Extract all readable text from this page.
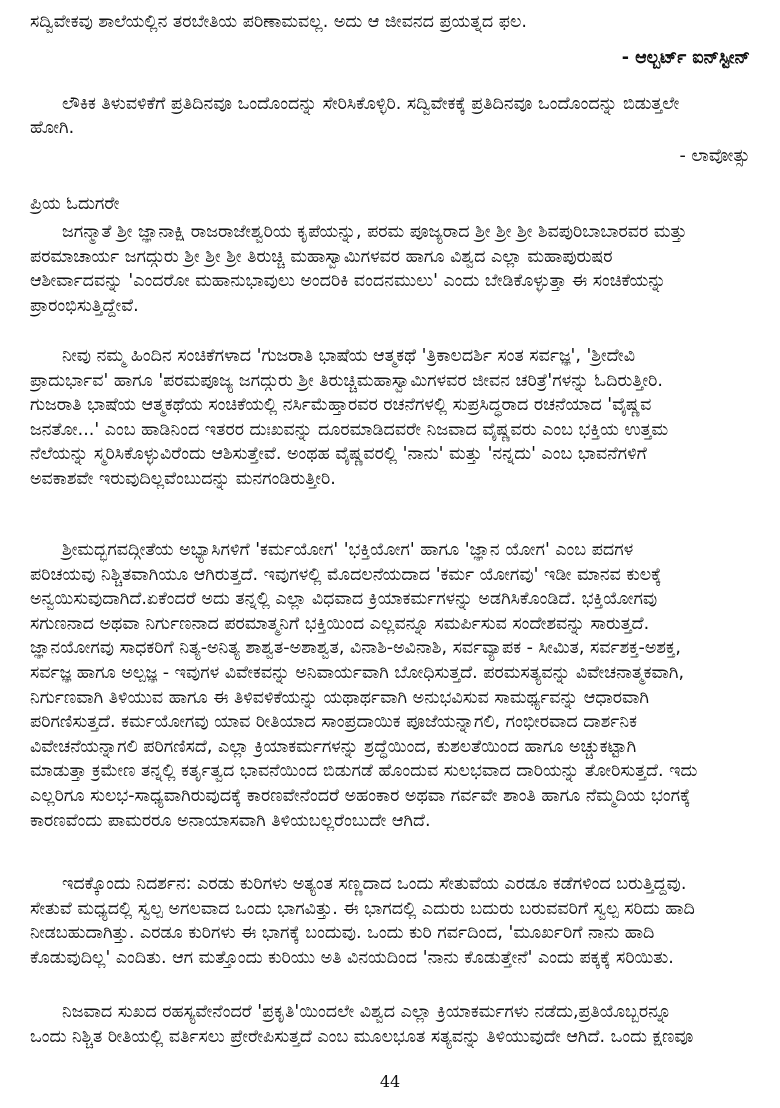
ಸದ್ವಿವೇಕವು ಶಾಲೆಯಲ್ಲಿನ ತರಬೇತಿಯ ಪರಿಣಾಮವಲ್ಲ. ಅದು ಆ ಜೀವನದ ಪ್ರಯತ್ನದ ಫಲ.
- ಆಲ್ಬರ್ಟ್ ಐನ್‌ಸ್ಟೀನ್
ಲೌಕಿಕ ತಿಳುವಳಿಕೆಗೆ ಪ್ರತಿದಿನವೂ ಒಂದೊಂದನ್ನು ಸೇರಿಸಿಕೊಳ್ಳಿರಿ. ಸದ್ವಿವೇಕಕ್ಕೆ ಪ್ರತಿದಿನವೂ ಒಂದೊಂದನ್ನು ಬಿಡುತ್ತಲೇ
ಹೋಗಿ.
- ಲಾವೋತ್ಸು
ಪ್ರಿಯ ಓದುಗರೇ
ಜಗನ್ಮಾತೆ ಶ್ರೀ ಜ್ಞಾನಾಕ್ಷಿ ರಾಜರಾಜೇಶ್ವರಿಯ ಕೃಪೆಯನ್ನು, ಪರಮ ಪೂಜ್ಯರಾದ ಶ್ರೀ ಶ್ರೀ ಶ್ರೀ ಶಿವಪುರಿಬಾಬಾರವರ ಮತ್ತು
ಪರಮಾಚಾರ್ಯ ಜಗದ್ಗುರು ಶ್ರೀ ಶ್ರೀ ಶ್ರೀ ತಿರುಚ್ಚಿ ಮಹಾಸ್ವಾಮಿಗಳವರ ಹಾಗೂ ವಿಶ್ವದ ಎಲ್ಲಾ ಮಹಾಪುರುಷರ
ಆಶೀರ್ವಾದವನ್ನು 'ಎಂದರೋ ಮಹಾನುಭಾವುಲು ಅಂದರಿಕಿ ವಂದನಮುಲು' ಎಂದು ಬೇಡಿಕೊಳ್ಳುತ್ತಾ ಈ ಸಂಚಿಕೆಯನ್ನು
ಪ್ರಾರಂಭಿಸುತ್ತಿದ್ದೇವೆ.
ನೀವು ನಮ್ಮ ಹಿಂದಿನ ಸಂಚಿಕೆಗಳಾದ 'ಗುಜರಾತಿ ಭಾಷೆಯ ಆತ್ಮಕಥೆ 'ತ್ರಿಕಾಲದರ್ಶಿ ಸಂತ ಸರ್ವಜ್ಞ', 'ಶ್ರೀದೇವಿ
ಪ್ರಾದುರ್ಭಾವ' ಹಾಗೂ 'ಪರಮಪೂಜ್ಯ ಜಗದ್ಗುರು ಶ್ರೀ ತಿರುಚ್ಚಿಮಹಾಸ್ವಾಮಿಗಳವರ ಜೀವನ ಚರಿತ್ರೆ'ಗಳನ್ನು ಓದಿರುತ್ತೀರಿ.
ಗುಜರಾತಿ ಭಾಷೆಯ ಆತ್ಮಕಥೆಯ ಸಂಚಿಕೆಯಲ್ಲಿ ನರ್ಸಿಮೆಹ್ತಾರವರ ರಚನೆಗಳಲ್ಲಿ ಸುಪ್ರಸಿದ್ಧರಾದ ರಚನೆಯಾದ 'ವೈಷ್ಣವ
ಜನತೋ...' ಎಂಬ ಹಾಡಿನಿಂದ ಇತರರ ದುಃಖವನ್ನು ದೂರಮಾಡಿದವರೇ ನಿಜವಾದ ವೈಷ್ಣವರು ಎಂಬ ಭಕ್ತಿಯ ಉತ್ತಮ
ನೆಲೆಯನ್ನು ಸ್ಮರಿಸಿಕೊಳ್ಳುವಿರೆಂದು ಆಶಿಸುತ್ತೇವೆ. ಅಂಥಹ ವೈಷ್ಣವರಲ್ಲಿ 'ನಾನು' ಮತ್ತು 'ನನ್ನದು' ಎಂಬ ಭಾವನೆಗಳಿಗೆ
ಅವಕಾಶವೇ ಇರುವುದಿಲ್ಲವೆಂಬುದನ್ನು ಮನಗಂಡಿರುತ್ತೀರಿ.
ಶ್ರೀಮದ್ಭಗವದ್ಗೀತೆಯ ಅಭ್ಯಾಸಿಗಳಿಗೆ 'ಕರ್ಮಯೋಗ' 'ಭಕ್ತಿಯೋಗ' ಹಾಗೂ 'ಜ್ಞಾನ ಯೋಗ' ಎಂಬ ಪದಗಳ
ಪರಿಚಯವು ನಿಶ್ಚಿತವಾಗಿಯೂ ಆಗಿರುತ್ತದೆ. ಇವುಗಳಲ್ಲಿ ಮೊದಲನೆಯದಾದ 'ಕರ್ಮ ಯೋಗವು' ಇಡೀ ಮಾನವ ಕುಲಕ್ಕೆ
ಅನ್ವಯಿಸುವುದಾಗಿದೆ.ಏಕೆಂದರೆ ಅದು ತನ್ನಲ್ಲಿ ಎಲ್ಲಾ ವಿಧವಾದ ಕ್ರಿಯಾಕರ್ಮಗಳನ್ನು ಅಡಗಿಸಿಕೊಂಡಿದೆ. ಭಕ್ತಿಯೋಗವು
ಸಗುಣನಾದ ಅಥವಾ ನಿರ್ಗುಣನಾದ ಪರಮಾತ್ಮನಿಗೆ ಭಕ್ತಿಯಿಂದ ಎಲ್ಲವನ್ನೂ ಸಮರ್ಪಿಸುವ ಸಂದೇಶವನ್ನು ಸಾರುತ್ತದೆ.
ಜ್ಞಾನಯೋಗವು ಸಾಧಕರಿಗೆ ನಿತ್ಯ-ಅನಿತ್ಯ ಶಾಶ್ವತ-ಅಶಾಶ್ವತ, ವಿನಾಶಿ-ಅವಿನಾಶಿ, ಸರ್ವವ್ಯಾಪಕ - ಸೀಮಿತ, ಸರ್ವಶಕ್ತ-ಅಶಕ್ತ,
ಸರ್ವಜ್ಞ ಹಾಗೂ ಅಲ್ಪಜ್ಞ - ಇವುಗಳ ವಿವೇಕವನ್ನು ಅನಿವಾರ್ಯವಾಗಿ ಬೋಧಿಸುತ್ತದೆ. ಪರಮಸತ್ಯವನ್ನು ವಿವೇಚನಾತ್ಮಕವಾಗಿ,
ನಿರ್ಗುಣವಾಗಿ ತಿಳಿಯುವ ಹಾಗೂ ಈ ತಿಳಿವಳಿಕೆಯನ್ನು ಯಥಾರ್ಥವಾಗಿ ಅನುಭವಿಸುವ ಸಾಮರ್ಥ್ಯವನ್ನು ಆಧಾರವಾಗಿ
ಪರಿಗಣಿಸುತ್ತದೆ. ಕರ್ಮಯೋಗವು ಯಾವ ರೀತಿಯಾದ ಸಾಂಪ್ರದಾಯಿಕ ಪೂಜೆಯನ್ನಾಗಲಿ, ಗಂಭೀರವಾದ ದಾರ್ಶನಿಕ
ವಿವೇಚನೆಯನ್ನಾಗಲಿ ಪರಿಗಣಿಸದೆ, ಎಲ್ಲಾ ಕ್ರಿಯಾಕರ್ಮಗಳನ್ನು ಶ್ರದ್ಧೆಯಿಂದ, ಕುಶಲತೆಯಿಂದ ಹಾಗೂ ಅಚ್ಚುಕಟ್ಟಾಗಿ
ಮಾಡುತ್ತಾ ಕ್ರಮೇಣ ತನ್ನಲ್ಲಿ ಕರ್ತೃತ್ವದ ಭಾವನೆಯಿಂದ ಬಿಡುಗಡೆ ಹೊಂದುವ ಸುಲಭವಾದ ದಾರಿಯನ್ನು ತೋರಿಸುತ್ತದೆ. ಇದು
ಎಲ್ಲರಿಗೂ ಸುಲಭ-ಸಾಧ್ಯವಾಗಿರುವುದಕ್ಕೆ ಕಾರಣವೇನೆಂದರೆ ಅಹಂಕಾರ ಅಥವಾ ಗರ್ವವೇ ಶಾಂತಿ ಹಾಗೂ ನೆಮ್ಮದಿಯ ಭಂಗಕ್ಕೆ
ಕಾರಣವೆಂದು ಪಾಮರರೂ ಅನಾಯಾಸವಾಗಿ ತಿಳಿಯಬಲ್ಲರೆಂಬುದೇ ಆಗಿದೆ.
ಇದಕ್ಕೊಂದು ನಿದರ್ಶನ: ಎರಡು ಕುರಿಗಳು ಅತ್ಯಂತ ಸಣ್ಣದಾದ ಒಂದು ಸೇತುವೆಯ ಎರಡೂ ಕಡೆಗಳಿಂದ ಬರುತ್ತಿದ್ದವು.
ಸೇತುವೆ ಮಧ್ಯದಲ್ಲಿ ಸ್ವಲ್ಪ ಅಗಲವಾದ ಒಂದು ಭಾಗವಿತ್ತು. ಈ ಭಾಗದಲ್ಲಿ ಎದುರು ಬದುರು ಬರುವವರಿಗೆ ಸ್ವಲ್ಪ ಸರಿದು ಹಾದಿ
ನೀಡಬಹುದಾಗಿತ್ತು. ಎರಡೂ ಕುರಿಗಳು ಈ ಭಾಗಕ್ಕೆ ಬಂದುವು. ಒಂದು ಕುರಿ ಗರ್ವದಿಂದ, 'ಮೂರ್ಖರಿಗೆ ನಾನು ಹಾದಿ
ಕೊಡುವುದಿಲ್ಲ' ಎಂದಿತು. ಆಗ ಮತ್ತೊಂದು ಕುರಿಯು ಅತಿ ವಿನಯದಿಂದ 'ನಾನು ಕೊಡುತ್ತೇನೆ' ಎಂದು ಪಕ್ಕಕ್ಕೆ ಸರಿಯಿತು.
ನಿಜವಾದ ಸುಖದ ರಹಸ್ಯವೇನೆಂದರೆ 'ಪ್ರಕೃತಿ'ಯಿಂದಲೇ ವಿಶ್ವದ ಎಲ್ಲಾ ಕ್ರಿಯಾಕರ್ಮಗಳು ನಡೆದು,ಪ್ರತಿಯೊಬ್ಬರನ್ನೂ
ಒಂದು ನಿಶ್ಚಿತ ರೀತಿಯಲ್ಲಿ ವರ್ತಿಸಲು ಪ್ರೇರೇಪಿಸುತ್ತದೆ ಎಂಬ ಮೂಲಭೂತ ಸತ್ಯವನ್ನು ತಿಳಿಯುವುದೇ ಆಗಿದೆ. ಒಂದು ಕ್ಷಣವೂ
44
